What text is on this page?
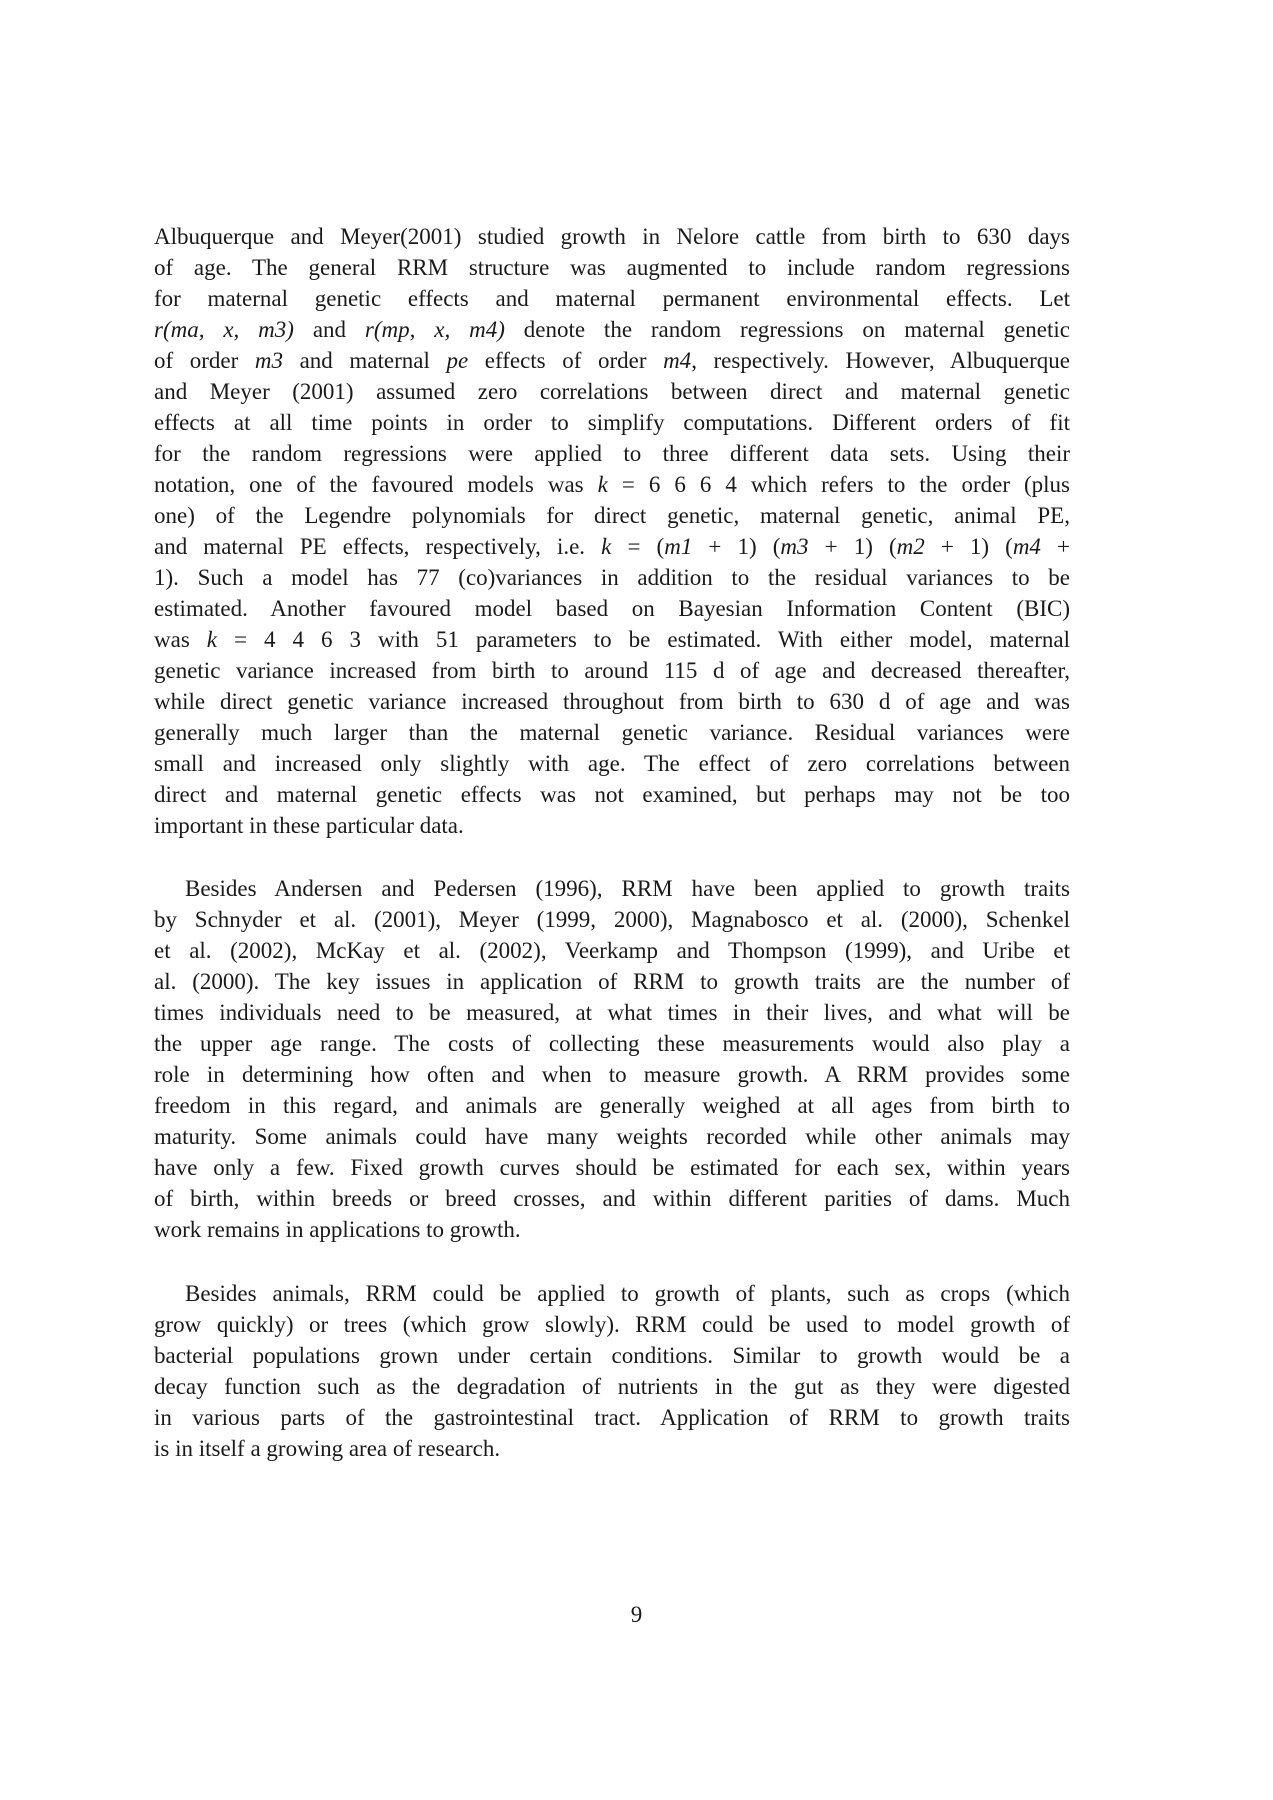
Albuquerque and Meyer(2001) studied growth in Nelore cattle from birth to 630 days
of age. The general RRM structure was augmented to include random regressions
for maternal genetic effects and maternal permanent environmental effects. Let
r(ma, x, m3) and r(mp, x, m4) denote the random regressions on maternal genetic
of order m3 and maternal pe effects of order m4, respectively. However, Albuquerque
and Meyer (2001) assumed zero correlations between direct and maternal genetic
effects at all time points in order to simplify computations. Different orders of fit
for the random regressions were applied to three different data sets. Using their
notation, one of the favoured models was k = 6 6 6 4 which refers to the order (plus
one) of the Legendre polynomials for direct genetic, maternal genetic, animal PE,
and maternal PE effects, respectively, i.e. k = (m1 + 1) (m3 + 1) (m2 + 1) (m4 +
1). Such a model has 77 (co)variances in addition to the residual variances to be
estimated. Another favoured model based on Bayesian Information Content (BIC)
was k = 4 4 6 3 with 51 parameters to be estimated. With either model, maternal
genetic variance increased from birth to around 115 d of age and decreased thereafter,
while direct genetic variance increased throughout from birth to 630 d of age and was
generally much larger than the maternal genetic variance. Residual variances were
small and increased only slightly with age. The effect of zero correlations between
direct and maternal genetic effects was not examined, but perhaps may not be too
important in these particular data.
Besides Andersen and Pedersen (1996), RRM have been applied to growth traits
by Schnyder et al. (2001), Meyer (1999, 2000), Magnabosco et al. (2000), Schenkel
et al. (2002), McKay et al. (2002), Veerkamp and Thompson (1999), and Uribe et
al. (2000). The key issues in application of RRM to growth traits are the number of
times individuals need to be measured, at what times in their lives, and what will be
the upper age range. The costs of collecting these measurements would also play a
role in determining how often and when to measure growth. A RRM provides some
freedom in this regard, and animals are generally weighed at all ages from birth to
maturity. Some animals could have many weights recorded while other animals may
have only a few. Fixed growth curves should be estimated for each sex, within years
of birth, within breeds or breed crosses, and within different parities of dams. Much
work remains in applications to growth.
Besides animals, RRM could be applied to growth of plants, such as crops (which
grow quickly) or trees (which grow slowly). RRM could be used to model growth of
bacterial populations grown under certain conditions. Similar to growth would be a
decay function such as the degradation of nutrients in the gut as they were digested
in various parts of the gastrointestinal tract. Application of RRM to growth traits
is in itself a growing area of research.
9
